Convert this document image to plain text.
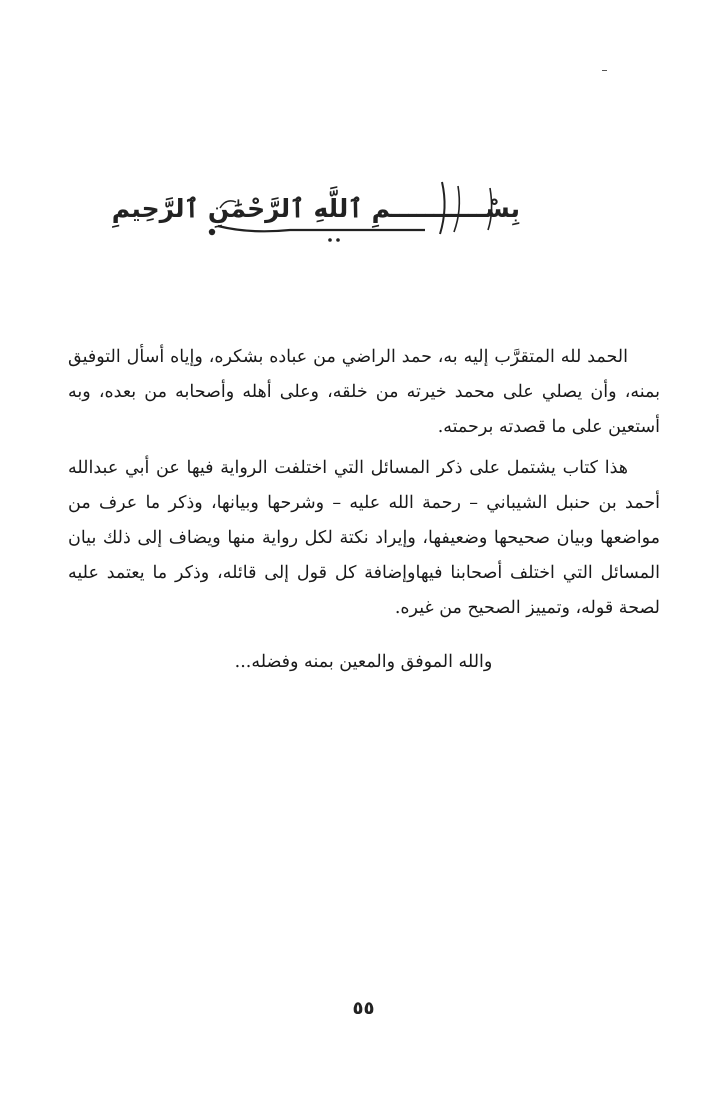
بِسْـــــــــــمِ ٱللَّهِ ٱلرَّحْمَٰنِ ٱلرَّحِيمِ

الحمد لله المتقرَّب إليه به، حمد الراضي من عباده بشكره، وإياه أسأل التوفيق بمنه، وأن يصلي على محمد خيرته من خلقه، وعلى أهله وأصحابه من بعده، وبه أستعين على ما قصدته برحمته.

هذا كتاب يشتمل على ذكر المسائل التي اختلفت الرواية فيها عن أبي عبدالله أحمد بن حنبل الشيباني – رحمة الله عليه – وشرحها وبيانها، وذكر ما عرف من مواضعها وبيان صحيحها وضعيفها، وإيراد نكتة لكل رواية منها ويضاف إلى ذلك بيان المسائل التي اختلف أصحابنا فيهاوإضافة كل قول إلى قائله، وذكر ما يعتمد عليه لصحة قوله، وتمييز الصحيح من غيره.

والله الموفق والمعين بمنه وفضله...
٥٥
